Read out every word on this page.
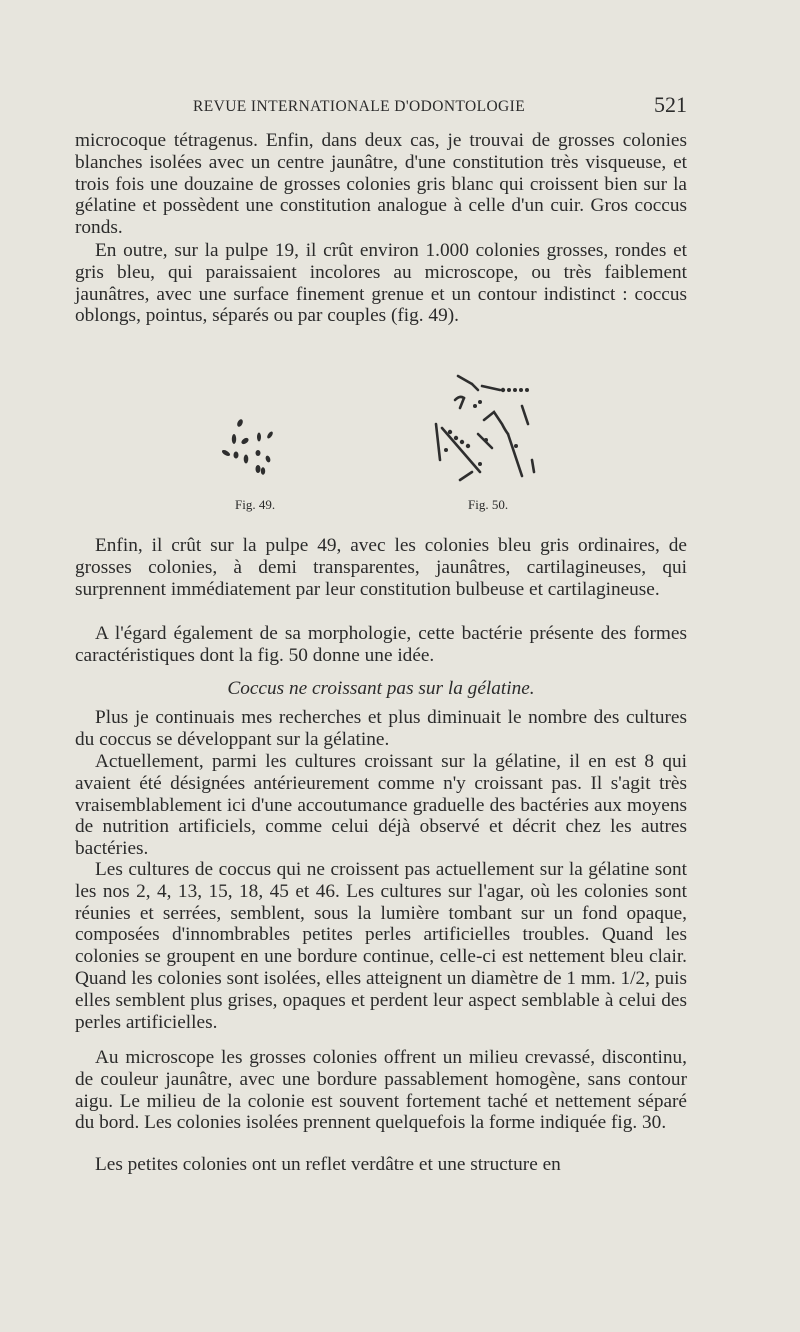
REVUE INTERNATIONALE D'ODONTOLOGIE	521

microcoque tétragenus. Enfin, dans deux cas, je trouvai de grosses colonies blanches isolées avec un centre jaunâtre, d'une constitution très visqueuse, et trois fois une douzaine de grosses colonies gris blanc qui croissent bien sur la gélatine et possèdent une constitution analogue à celle d'un cuir. Gros coccus ronds.

En outre, sur la pulpe 19, il crût environ 1.000 colonies grosses, rondes et gris bleu, qui paraissaient incolores au microscope, ou très faiblement jaunâtres, avec une surface finement grenue et un contour indistinct : coccus oblongs, pointus, séparés ou par couples (fig. 49).

Fig. 49.	Fig. 50.

Enfin, il crût sur la pulpe 49, avec les colonies bleu gris ordinaires, de grosses colonies, à demi transparentes, jaunâtres, cartilagineuses, qui surprennent immédiatement par leur constitution bulbeuse et cartilagineuse.

A l'égard également de sa morphologie, cette bactérie présente des formes caractéristiques dont la fig. 50 donne une idée.

Coccus ne croissant pas sur la gélatine.

Plus je continuais mes recherches et plus diminuait le nombre des cultures du coccus se développant sur la gélatine.

Actuellement, parmi les cultures croissant sur la gélatine, il en est 8 qui avaient été désignées antérieurement comme n'y croissant pas. Il s'agit très vraisemblablement ici d'une accoutumance graduelle des bactéries aux moyens de nutrition artificiels, comme celui déjà observé et décrit chez les autres bactéries.

Les cultures de coccus qui ne croissent pas actuellement sur la gélatine sont les nos 2, 4, 13, 15, 18, 45 et 46. Les cultures sur l'agar, où les colonies sont réunies et serrées, semblent, sous la lumière tombant sur un fond opaque, composées d'innombrables petites perles artificielles troubles. Quand les colonies se groupent en une bordure continue, celle-ci est nettement bleu clair. Quand les colonies sont isolées, elles atteignent un diamètre de 1 mm. 1/2, puis elles semblent plus grises, opaques et perdent leur aspect semblable à celui des perles artificielles.

Au microscope les grosses colonies offrent un milieu crevassé, discontinu, de couleur jaunâtre, avec une bordure passablement homogène, sans contour aigu. Le milieu de la colonie est souvent fortement taché et nettement séparé du bord. Les colonies isolées prennent quelquefois la forme indiquée fig. 30.

Les petites colonies ont un reflet verdâtre et une structure en
